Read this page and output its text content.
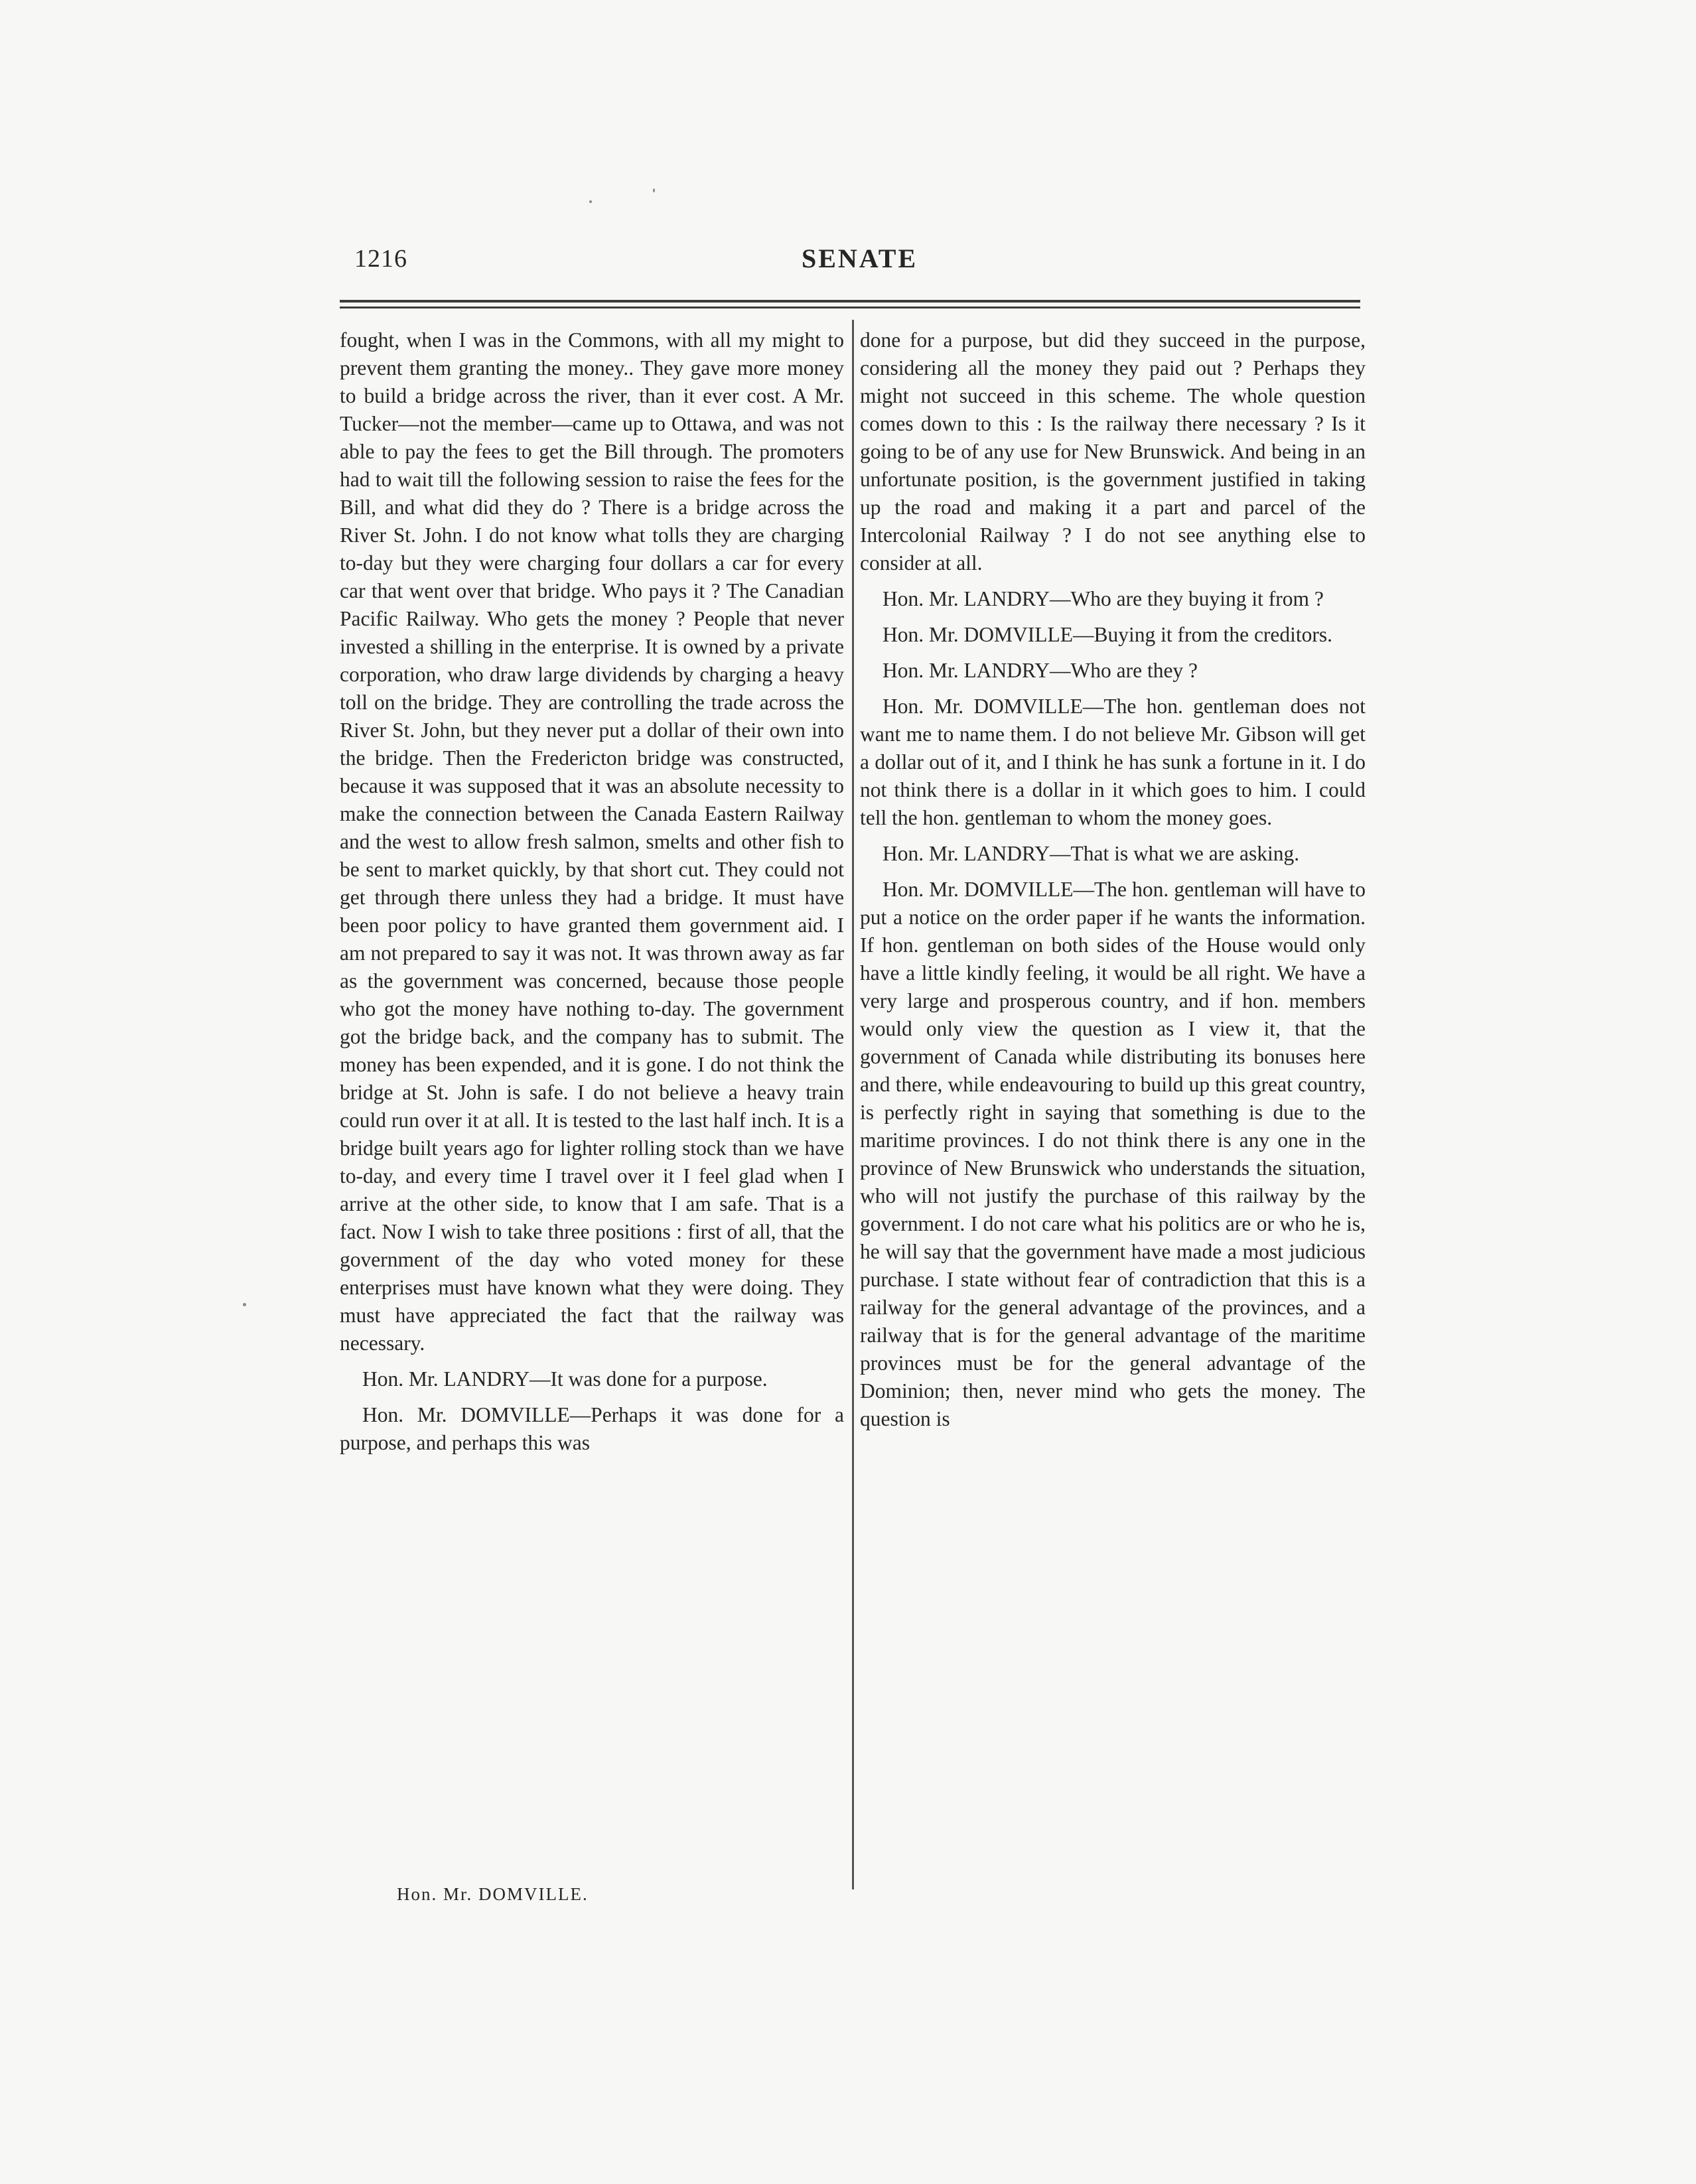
1216	SENATE

fought, when I was in the Commons, with all my might to prevent them granting the money.. They gave more money to build a bridge across the river, than it ever cost. A Mr. Tucker—not the member—came up to Ottawa, and was not able to pay the fees to get the Bill through. The promoters had to wait till the following session to raise the fees for the Bill, and what did they do ? There is a bridge across the River St. John. I do not know what tolls they are charging to-day but they were charging four dollars a car for every car that went over that bridge. Who pays it ? The Canadian Pacific Railway. Who gets the money ? People that never invested a shilling in the enterprise. It is owned by a private corporation, who draw large dividends by charging a heavy toll on the bridge. They are controlling the trade across the River St. John, but they never put a dollar of their own into the bridge. Then the Fredericton bridge was constructed, because it was supposed that it was an absolute necessity to make the connection between the Canada Eastern Railway and the west to allow fresh salmon, smelts and other fish to be sent to market quickly, by that short cut. They could not get through there unless they had a bridge. It must have been poor policy to have granted them government aid. I am not prepared to say it was not. It was thrown away as far as the government was concerned, because those people who got the money have nothing to-day. The government got the bridge back, and the company has to submit. The money has been expended, and it is gone. I do not think the bridge at St. John is safe. I do not believe a heavy train could run over it at all. It is tested to the last half inch. It is a bridge built years ago for lighter rolling stock than we have to-day, and every time I travel over it I feel glad when I arrive at the other side, to know that I am safe. That is a fact. Now I wish to take three positions : first of all, that the government of the day who voted money for these enterprises must have known what they were doing. They must have appreciated the fact that the railway was necessary.

Hon. Mr. LANDRY—It was done for a purpose.

Hon. Mr. DOMVILLE—Perhaps it was done for a purpose, and perhaps this was

done for a purpose, but did they succeed in the purpose, considering all the money they paid out ? Perhaps they might not succeed in this scheme. The whole question comes down to this : Is the railway there necessary ? Is it going to be of any use for New Brunswick. And being in an unfortunate position, is the government justified in taking up the road and making it a part and parcel of the Intercolonial Railway ? I do not see anything else to consider at all.

Hon. Mr. LANDRY—Who are they buying it from ?

Hon. Mr. DOMVILLE—Buying it from the creditors.

Hon. Mr. LANDRY—Who are they ?

Hon. Mr. DOMVILLE—The hon. gentleman does not want me to name them. I do not believe Mr. Gibson will get a dollar out of it, and I think he has sunk a fortune in it. I do not think there is a dollar in it which goes to him. I could tell the hon. gentleman to whom the money goes.

Hon. Mr. LANDRY—That is what we are asking.

Hon. Mr. DOMVILLE—The hon. gentleman will have to put a notice on the order paper if he wants the information. If hon. gentleman on both sides of the House would only have a little kindly feeling, it would be all right. We have a very large and prosperous country, and if hon. members would only view the question as I view it, that the government of Canada while distributing its bonuses here and there, while endeavouring to build up this great country, is perfectly right in saying that something is due to the maritime provinces. I do not think there is any one in the province of New Brunswick who understands the situation, who will not justify the purchase of this railway by the government. I do not care what his politics are or who he is, he will say that the government have made a most judicious purchase. I state without fear of contradiction that this is a railway for the general advantage of the provinces, and a railway that is for the general advantage of the maritime provinces must be for the general advantage of the Dominion; then, never mind who gets the money. The question is

Hon. Mr. DOMVILLE.
